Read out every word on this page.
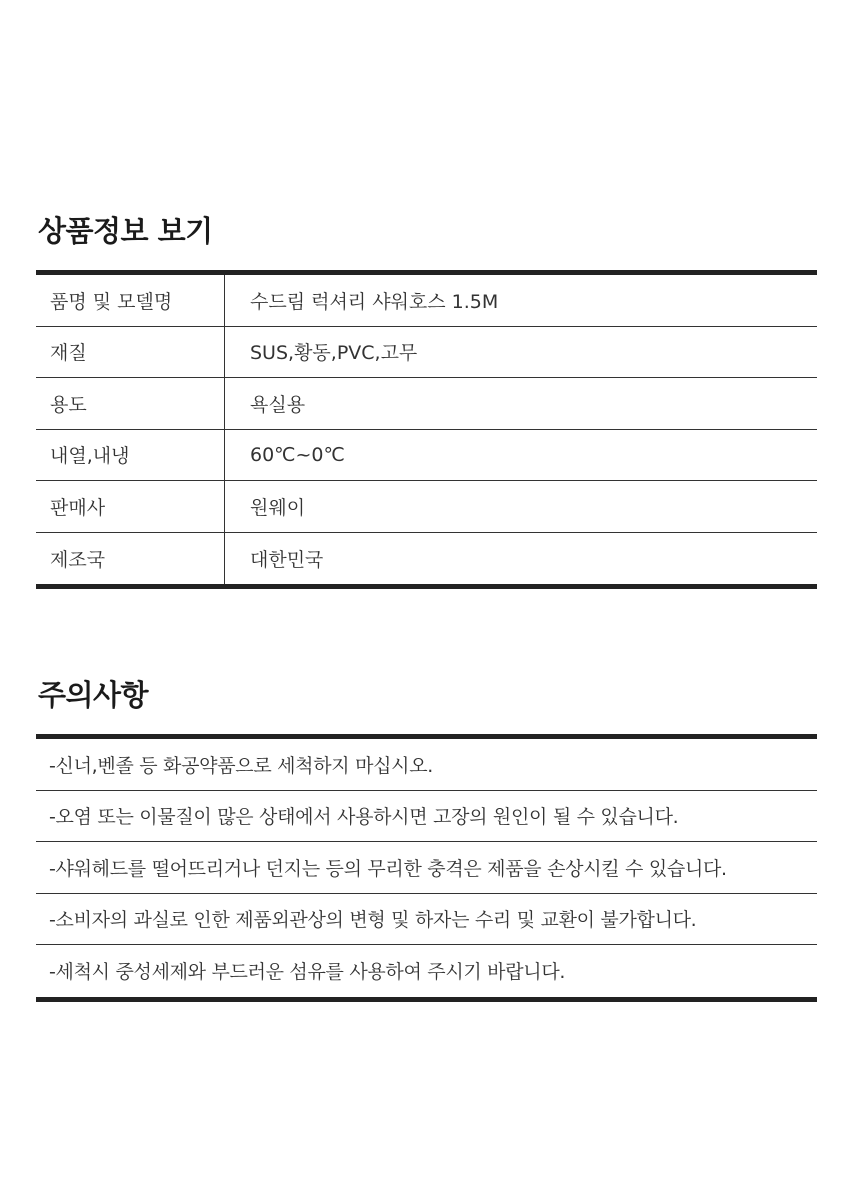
상품정보 보기
품명 및 모델명	수드림 럭셔리 샤워호스 1.5M
재질	SUS,황동,PVC,고무
용도	욕실용
내열,내냉	60℃~0℃
판매사	원웨이
제조국	대한민국
주의사항
-신너,벤졸 등 화공약품으로 세척하지 마십시오.
-오염 또는 이물질이 많은 상태에서 사용하시면 고장의 원인이 될 수 있습니다.
-샤워헤드를 떨어뜨리거나 던지는 등의 무리한 충격은 제품을 손상시킬 수 있습니다.
-소비자의 과실로 인한 제품외관상의 변형 및 하자는 수리 및 교환이 불가합니다.
-세척시 중성세제와 부드러운 섬유를 사용하여 주시기 바랍니다.
